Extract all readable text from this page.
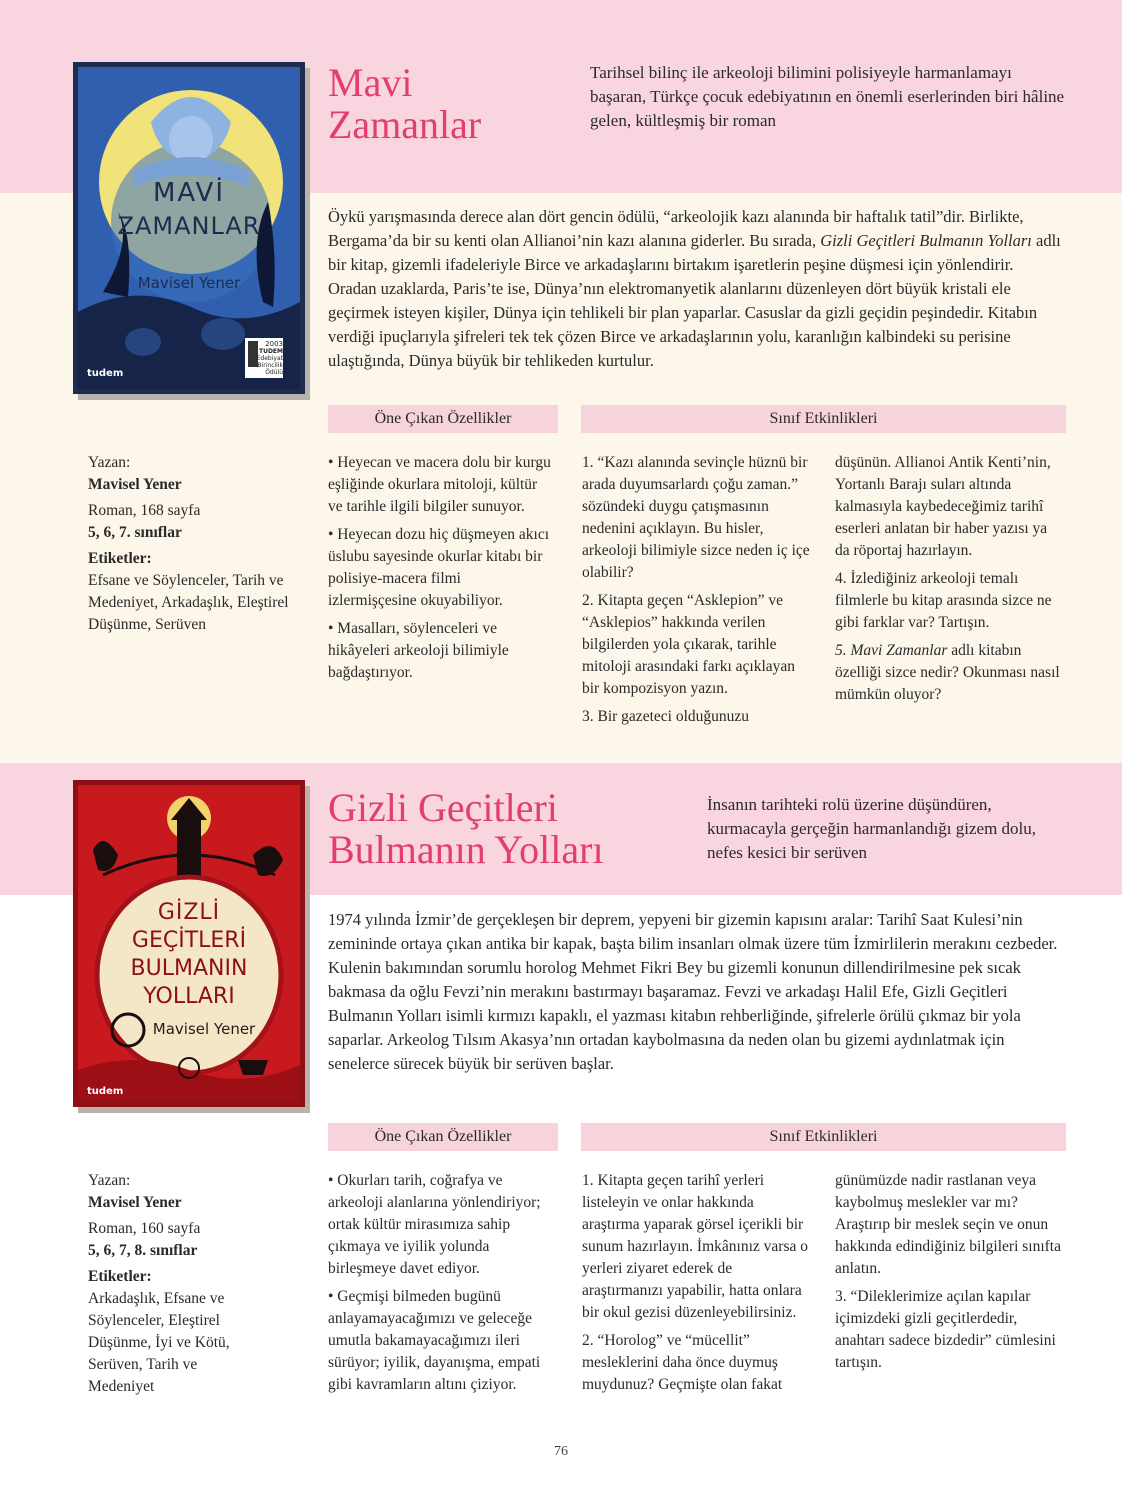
MAVİ
ZAMANLAR
Mavisel Yener
tudem
2003
TUDEM
Edebiyat
Birincilik
Ödülü
Mavi
Zamanlar
Tarihsel bilinç ile arkeoloji bilimini polisiyeyle harmanlamayı başaran, Türkçe çocuk edebiyatının en önemli eserlerinden biri hâline gelen, kültleşmiş bir roman
Öykü yarışmasında derece alan dört gencin ödülü, “arkeolojik kazı alanında bir haftalık tatil”dir. Birlikte, Bergama’da bir su kenti olan Allianoi’nin kazı alanına giderler. Bu sırada, Gizli Geçitleri Bulmanın Yolları adlı bir kitap, gizemli ifadeleriyle Birce ve arkadaşlarını birtakım işaretlerin peşine düşmesi için yönlendirir. Oradan uzaklarda, Paris’te ise, Dünya’nın elektromanyetik alanlarını düzenleyen dört büyük kristali ele geçirmek isteyen kişiler, Dünya için tehlikeli bir plan yaparlar. Casuslar da gizli geçidin peşindedir. Kitabın verdiği ipuçlarıyla şifreleri tek tek çözen Birce ve arkadaşlarının yolu, karanlığın kalbindeki su perisine ulaştığında, Dünya büyük bir tehlikeden kurtulur.
Öne Çıkan Özellikler	Sınıf Etkinlikleri
Yazan:
Mavisel Yener
Roman, 168 sayfa
5, 6, 7. sınıflar
Etiketler:
Efsane ve Söylenceler, Tarih ve Medeniyet, Arkadaşlık, Eleştirel Düşünme, Serüven

• Heyecan ve macera dolu bir kurgu eşliğinde okurlara mitoloji, kültür ve tarihle ilgili bilgiler sunuyor.

• Heyecan dozu hiç düşmeyen akıcı üslubu sayesinde okurlar kitabı bir polisiye-macera filmi izlermişçesine okuyabiliyor.

• Masalları, söylenceleri ve hikâyeleri arkeoloji bilimiyle bağdaştırıyor.

1. “Kazı alanında sevinçle hüznü bir arada duyumsarlardı çoğu zaman.” sözündeki duygu çatışmasının nedenini açıklayın. Bu hisler, arkeoloji bilimiyle sizce neden iç içe olabilir?

2. Kitapta geçen “Asklepion” ve “Asklepios” hakkında verilen bilgilerden yola çıkarak, tarihle mitoloji arasındaki farkı açıklayan bir kompozisyon yazın.

3. Bir gazeteci olduğunuzu

düşünün. Allianoi Antik Kenti’nin, Yortanlı Barajı suları altında kalmasıyla kaybedeceğimiz tarihî eserleri anlatan bir haber yazısı ya da röportaj hazırlayın.

4. İzlediğiniz arkeoloji temalı filmlerle bu kitap arasında sizce ne gibi farklar var? Tartışın.

5. Mavi Zamanlar adlı kitabın özelliği sizce nedir? Okunması nasıl mümkün oluyor?

GİZLİ
GEÇİTLERİ
BULMANIN
YOLLARI
Mavisel Yener
tudem
Gizli Geçitleri
Bulmanın Yolları
İnsanın tarihteki rolü üzerine düşündüren, kurmacayla gerçeğin harmanlandığı gizem dolu, nefes kesici bir serüven
1974 yılında İzmir’de gerçekleşen bir deprem, yepyeni bir gizemin kapısını aralar: Tarihî Saat Kulesi’nin zemininde ortaya çıkan antika bir kapak, başta bilim insanları olmak üzere tüm İzmirlilerin merakını cezbeder. Kulenin bakımından sorumlu horolog Mehmet Fikri Bey bu gizemli konunun dillendirilmesine pek sıcak bakmasa da oğlu Fevzi’nin merakını bastırmayı başaramaz. Fevzi ve arkadaşı Halil Efe, Gizli Geçitleri Bulmanın Yolları isimli kırmızı kapaklı, el yazması kitabın rehberliğinde, şifrelerle örülü çıkmaz bir yola saparlar. Arkeolog Tılsım Akasya’nın ortadan kaybolmasına da neden olan bu gizemi aydınlatmak için senelerce sürecek büyük bir serüven başlar.
Öne Çıkan Özellikler	Sınıf Etkinlikleri
Yazan:
Mavisel Yener
Roman, 160 sayfa
5, 6, 7, 8. sınıflar
Etiketler:
Arkadaşlık, Efsane ve Söylenceler, Eleştirel Düşünme, İyi ve Kötü, Serüven, Tarih ve Medeniyet

• Okurları tarih, coğrafya ve arkeoloji alanlarına yönlendiriyor; ortak kültür mirasımıza sahip çıkmaya ve iyilik yolunda birleşmeye davet ediyor.

• Geçmişi bilmeden bugünü anlayamayacağımızı ve geleceğe umutla bakamayacağımızı ileri sürüyor; iyilik, dayanışma, empati gibi kavramların altını çiziyor.

1. Kitapta geçen tarihî yerleri listeleyin ve onlar hakkında araştırma yaparak görsel içerikli bir sunum hazırlayın. İmkânınız varsa o yerleri ziyaret ederek de araştırmanızı yapabilir, hatta onlara bir okul gezisi düzenleyebilirsiniz.

2. “Horolog” ve “mücellit” mesleklerini daha önce duymuş muydunuz? Geçmişte olan fakat

günümüzde nadir rastlanan veya kaybolmuş meslekler var mı? Araştırıp bir meslek seçin ve onun hakkında edindiğiniz bilgileri sınıfta anlatın.

3. “Dileklerimize açılan kapılar içimizdeki gizli geçitlerdedir, anahtarı sadece bizdedir” cümlesini tartışın.

76
